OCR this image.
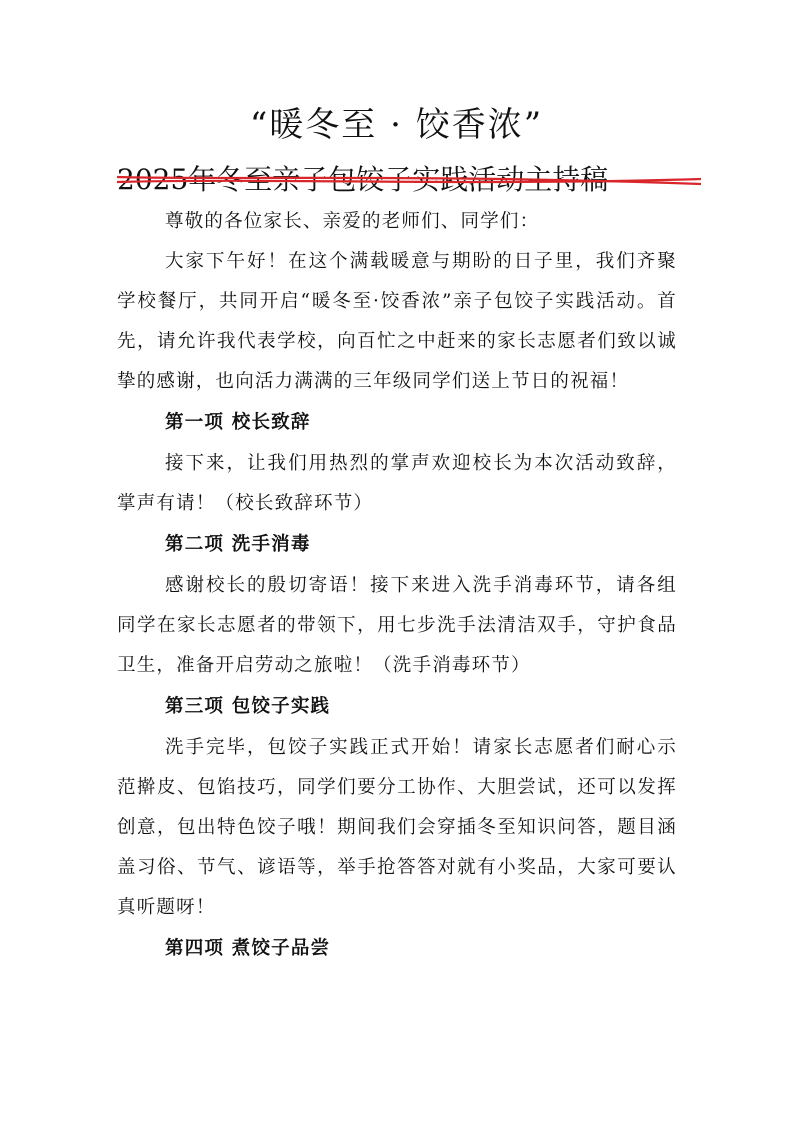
“暖冬至 · 饺香浓”
2025年冬至亲子包饺子实践活动主持稿

尊敬的各位家长、亲爱的老师们、同学们：

大家下午好！在这个满载暖意与期盼的日子里，我们齐聚学校餐厅，共同开启“暖冬至·饺香浓”亲子包饺子实践活动。首先，请允许我代表学校，向百忙之中赶来的家长志愿者们致以诚挚的感谢，也向活力满满的三年级同学们送上节日的祝福！

第一项 校长致辞

接下来，让我们用热烈的掌声欢迎校长为本次活动致辞，掌声有请！（校长致辞环节）

第二项 洗手消毒

感谢校长的殷切寄语！接下来进入洗手消毒环节，请各组同学在家长志愿者的带领下，用七步洗手法清洁双手，守护食品卫生，准备开启劳动之旅啦！（洗手消毒环节）

第三项 包饺子实践

洗手完毕，包饺子实践正式开始！请家长志愿者们耐心示范擀皮、包馅技巧，同学们要分工协作、大胆尝试，还可以发挥创意，包出特色饺子哦！期间我们会穿插冬至知识问答，题目涵盖习俗、节气、谚语等，举手抢答答对就有小奖品，大家可要认真听题呀！

第四项 煮饺子品尝
